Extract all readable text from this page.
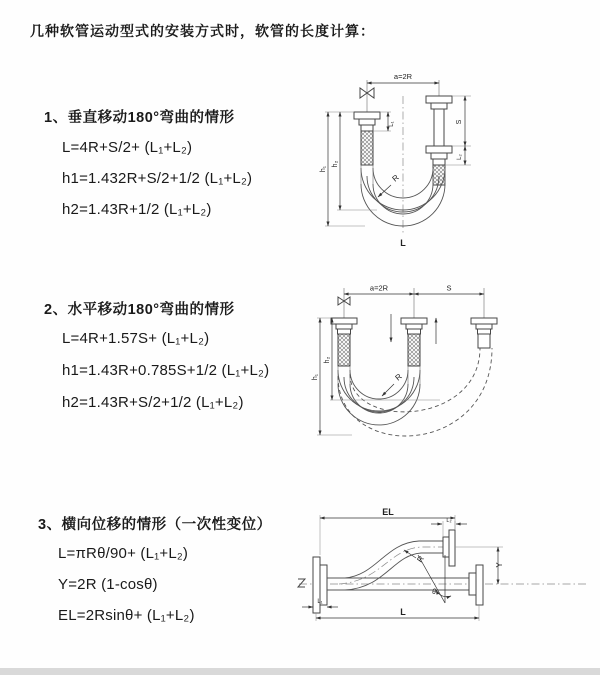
几种软管运动型式的安装方式时，软管的长度计算：
1、垂直移动180°弯曲的情形
L=4R+S/2+ (L₁+L₂)
h1=1.432R+S/2+1/2 (L₁+L₂)
h2=1.43R+1/2 (L₁+L₂)
a=2R
h₁
h₂
L₁	S
L₂
R
L
2、水平移动180°弯曲的情形
L=4R+1.57S+ (L₁+L₂)
h1=1.43R+0.785S+1/2 (L₁+L₂)
h2=1.43R+S/2+1/2 (L₁+L₂)
a=2R	S
h₁
h₂
R
3、横向位移的情形（一次性变位）
L=πRθ/90+ (L₁+L₂)
Y=2R (1-cosθ)
EL=2Rsinθ+ (L₁+L₂)
θ
R
EL
L₂
Y
L₁
L
